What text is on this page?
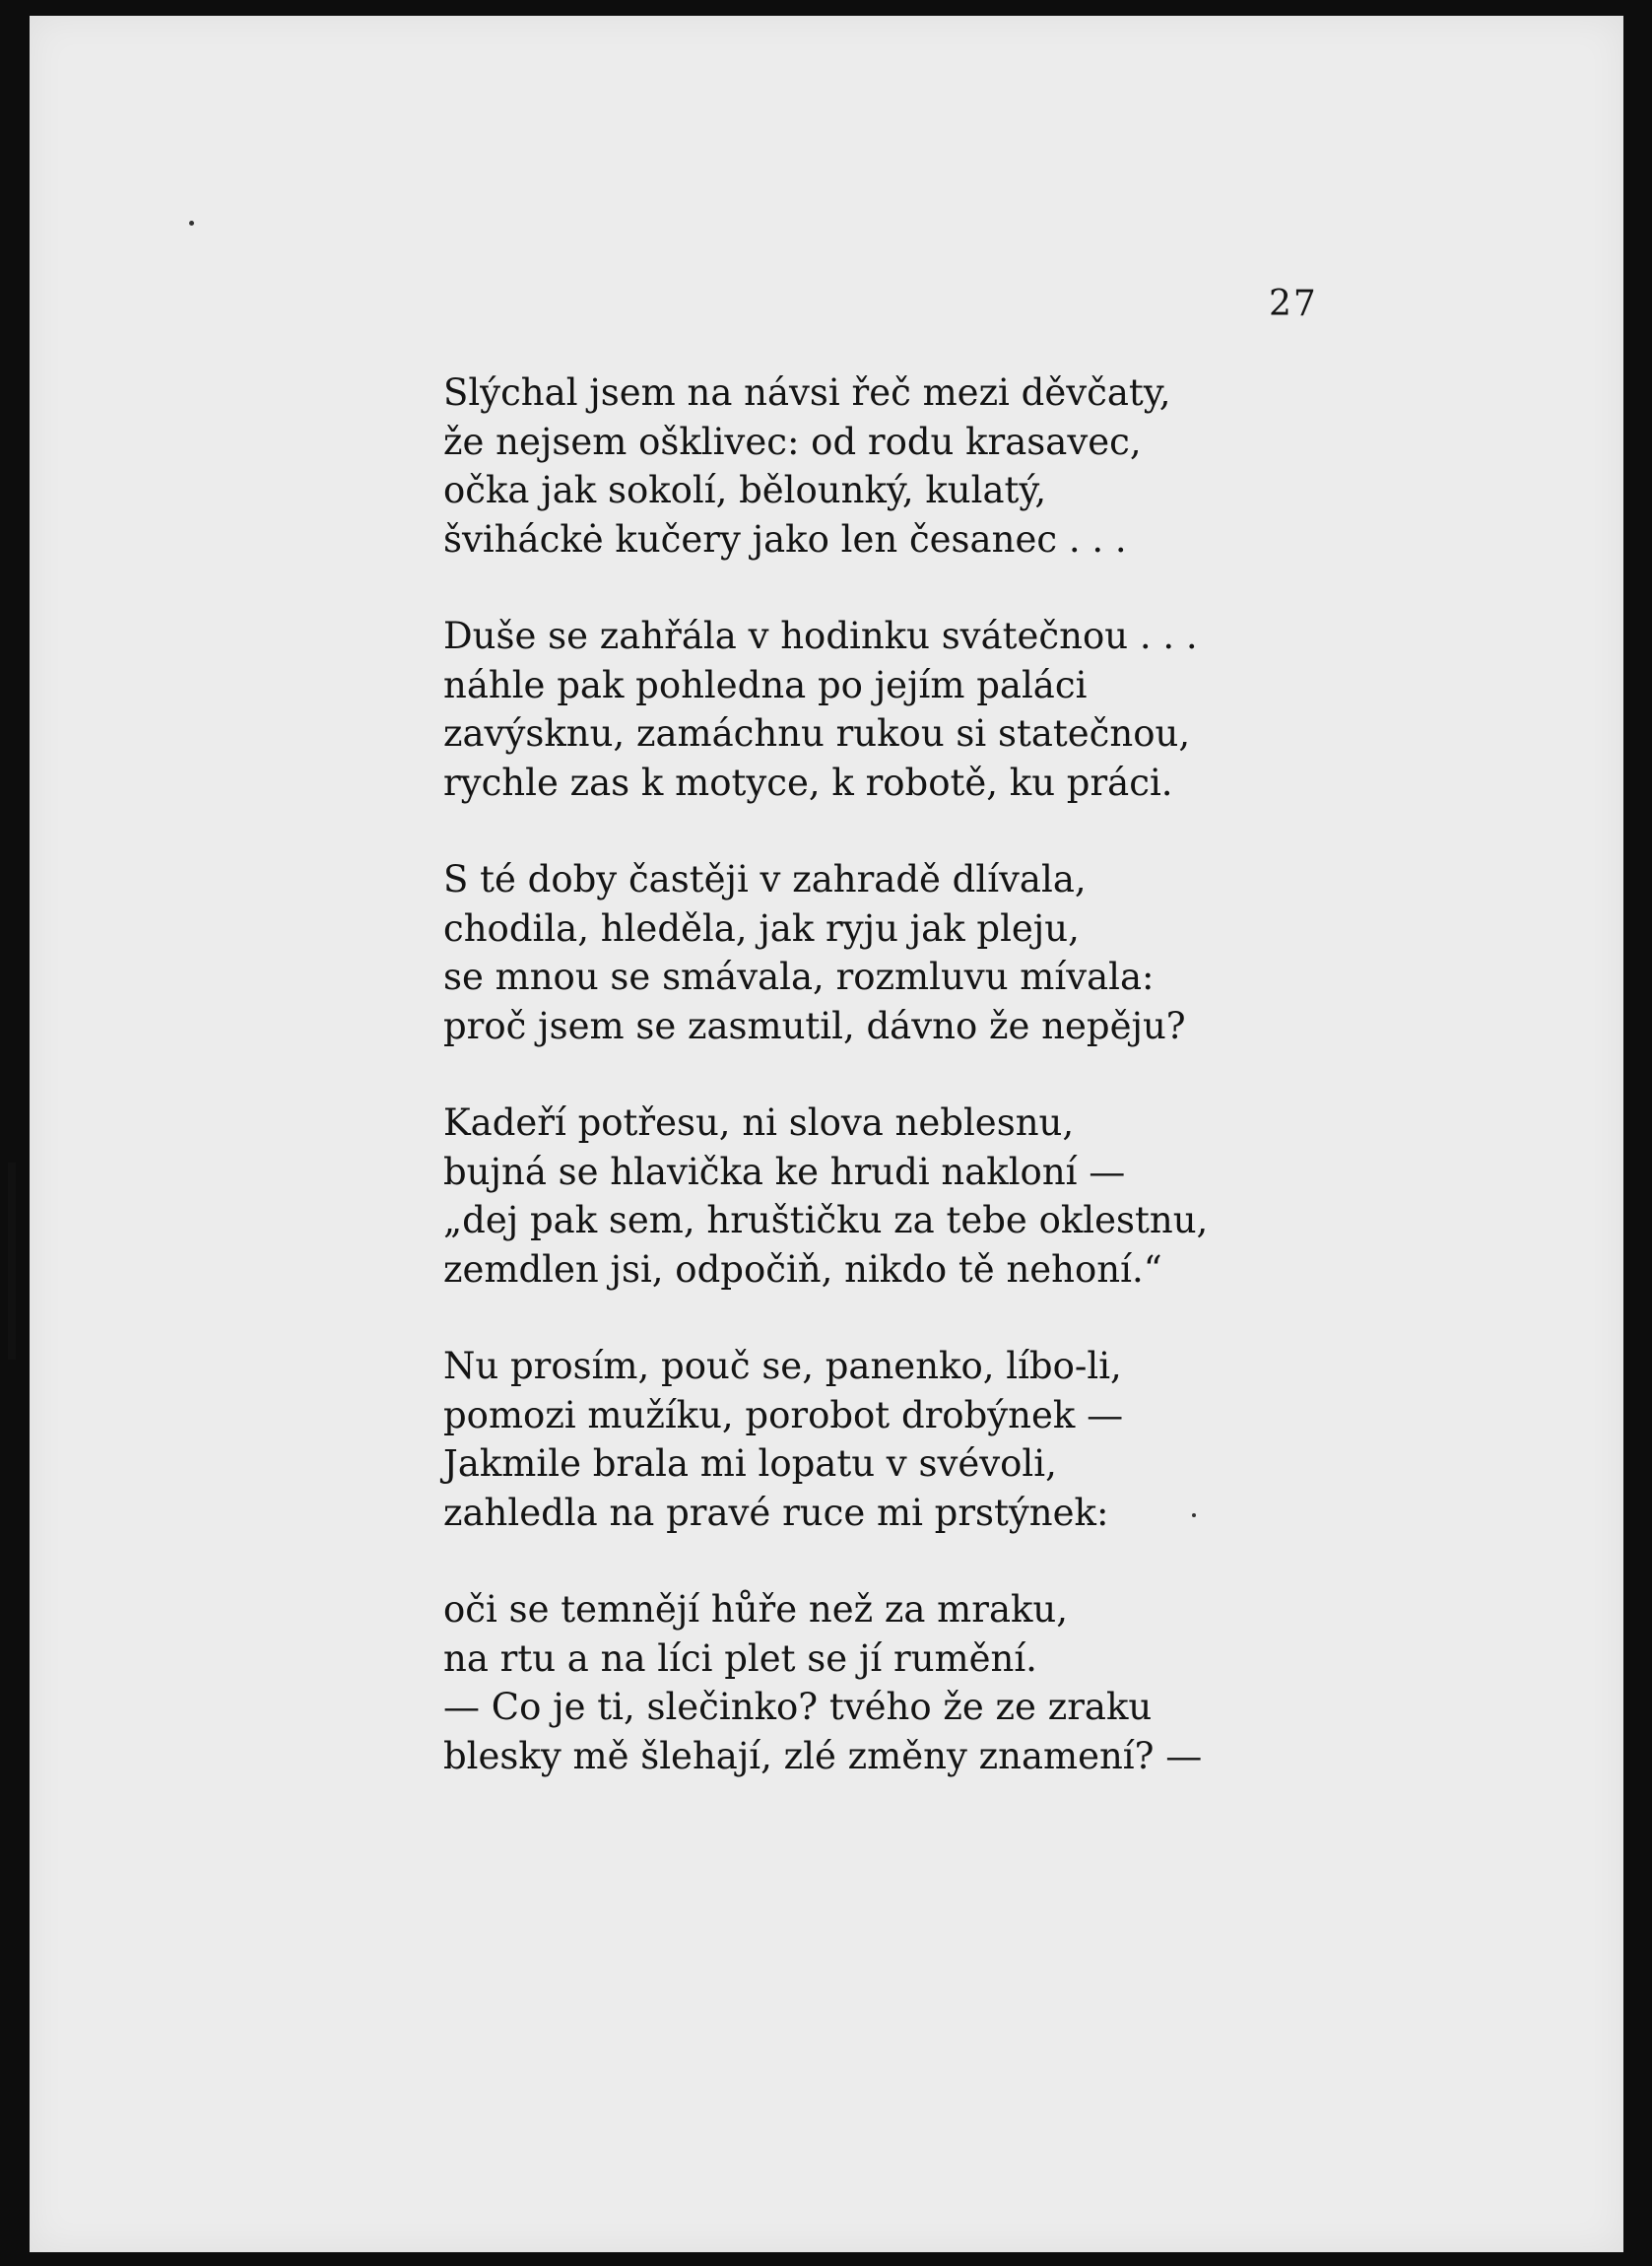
27
Slýchal jsem na návsi řeč mezi děvčaty,
že nejsem ošklivec: od rodu krasavec,
očka jak sokolí, bělounký, kulatý,
šviháckė kučery jako len česanec . . .
Duše se zahřála v hodinku svátečnou . . .
náhle pak pohledna po jejím paláci
zavýsknu, zamáchnu rukou si statečnou,
rychle zas k motyce, k robotě, ku práci.
S té doby častěji v zahradě dlívala,
chodila, hleděla, jak ryju jak pleju,
se mnou se smávala, rozmluvu mívala:
proč jsem se zasmutil, dávno že nepěju?
Kadeří potřesu, ni slova neblesnu,
bujná se hlavička ke hrudi nakloní —
„dej pak sem, hruštičku za tebe oklestnu,
zemdlen jsi, odpočiň, nikdo tě nehoní.“
Nu prosím, pouč se, panenko, líbo-li,
pomozi mužíku, porobot drobýnek —
Jakmile brala mi lopatu v svévoli,
zahledla na pravé ruce mi prstýnek:
oči se temnějí hůře než za mraku,
na rtu a na líci plet se jí rumění.
— Co je ti, slečinko? tvého že ze zraku
blesky mě šlehají, zlé změny znamení? —
